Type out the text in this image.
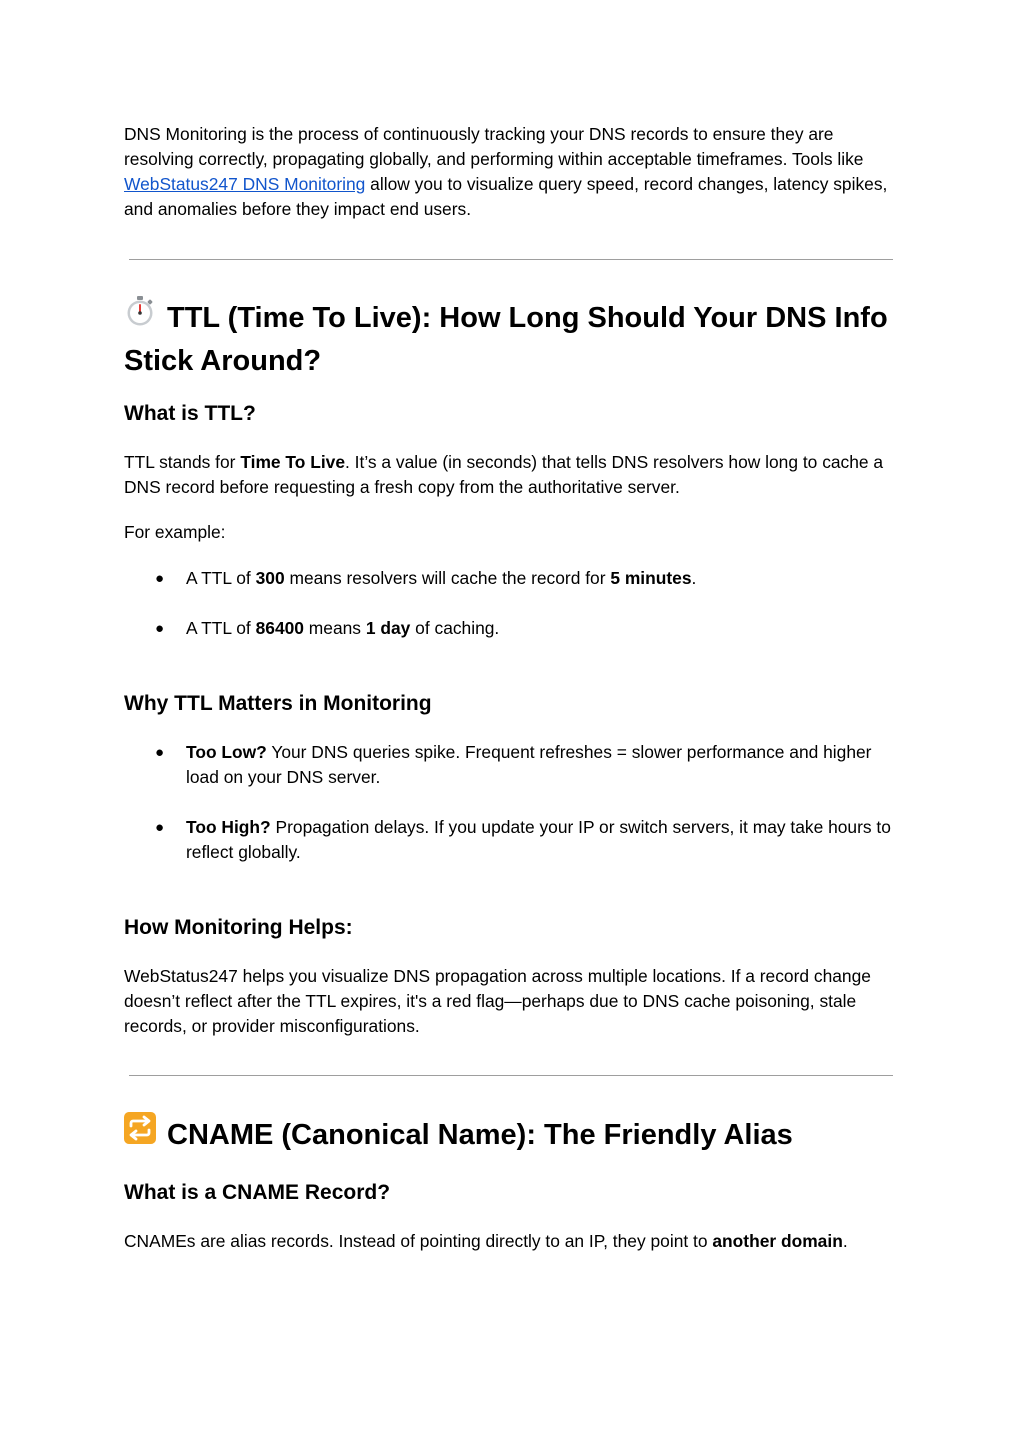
DNS Monitoring is the process of continuously tracking your DNS records to ensure they are resolving correctly, propagating globally, and performing within acceptable timeframes. Tools like WebStatus247 DNS Monitoring allow you to visualize query speed, record changes, latency spikes, and anomalies before they impact end users.

TTL (Time To Live): How Long Should Your DNS Info Stick Around?
What is TTL?

TTL stands for Time To Live. It’s a value (in seconds) that tells DNS resolvers how long to cache a DNS record before requesting a fresh copy from the authoritative server.

For example:

● A TTL of 300 means resolvers will cache the record for 5 minutes.
● A TTL of 86400 means 1 day of caching.
Why TTL Matters in Monitoring
● Too Low? Your DNS queries spike. Frequent refreshes = slower performance and higher load on your DNS server.
● Too High? Propagation delays. If you update your IP or switch servers, it may take hours to reflect globally.
How Monitoring Helps:

WebStatus247 helps you visualize DNS propagation across multiple locations. If a record change doesn’t reflect after the TTL expires, it's a red flag—perhaps due to DNS cache poisoning, stale records, or provider misconfigurations.

CNAME (Canonical Name): The Friendly Alias
What is a CNAME Record?

CNAMEs are alias records. Instead of pointing directly to an IP, they point to another domain.
